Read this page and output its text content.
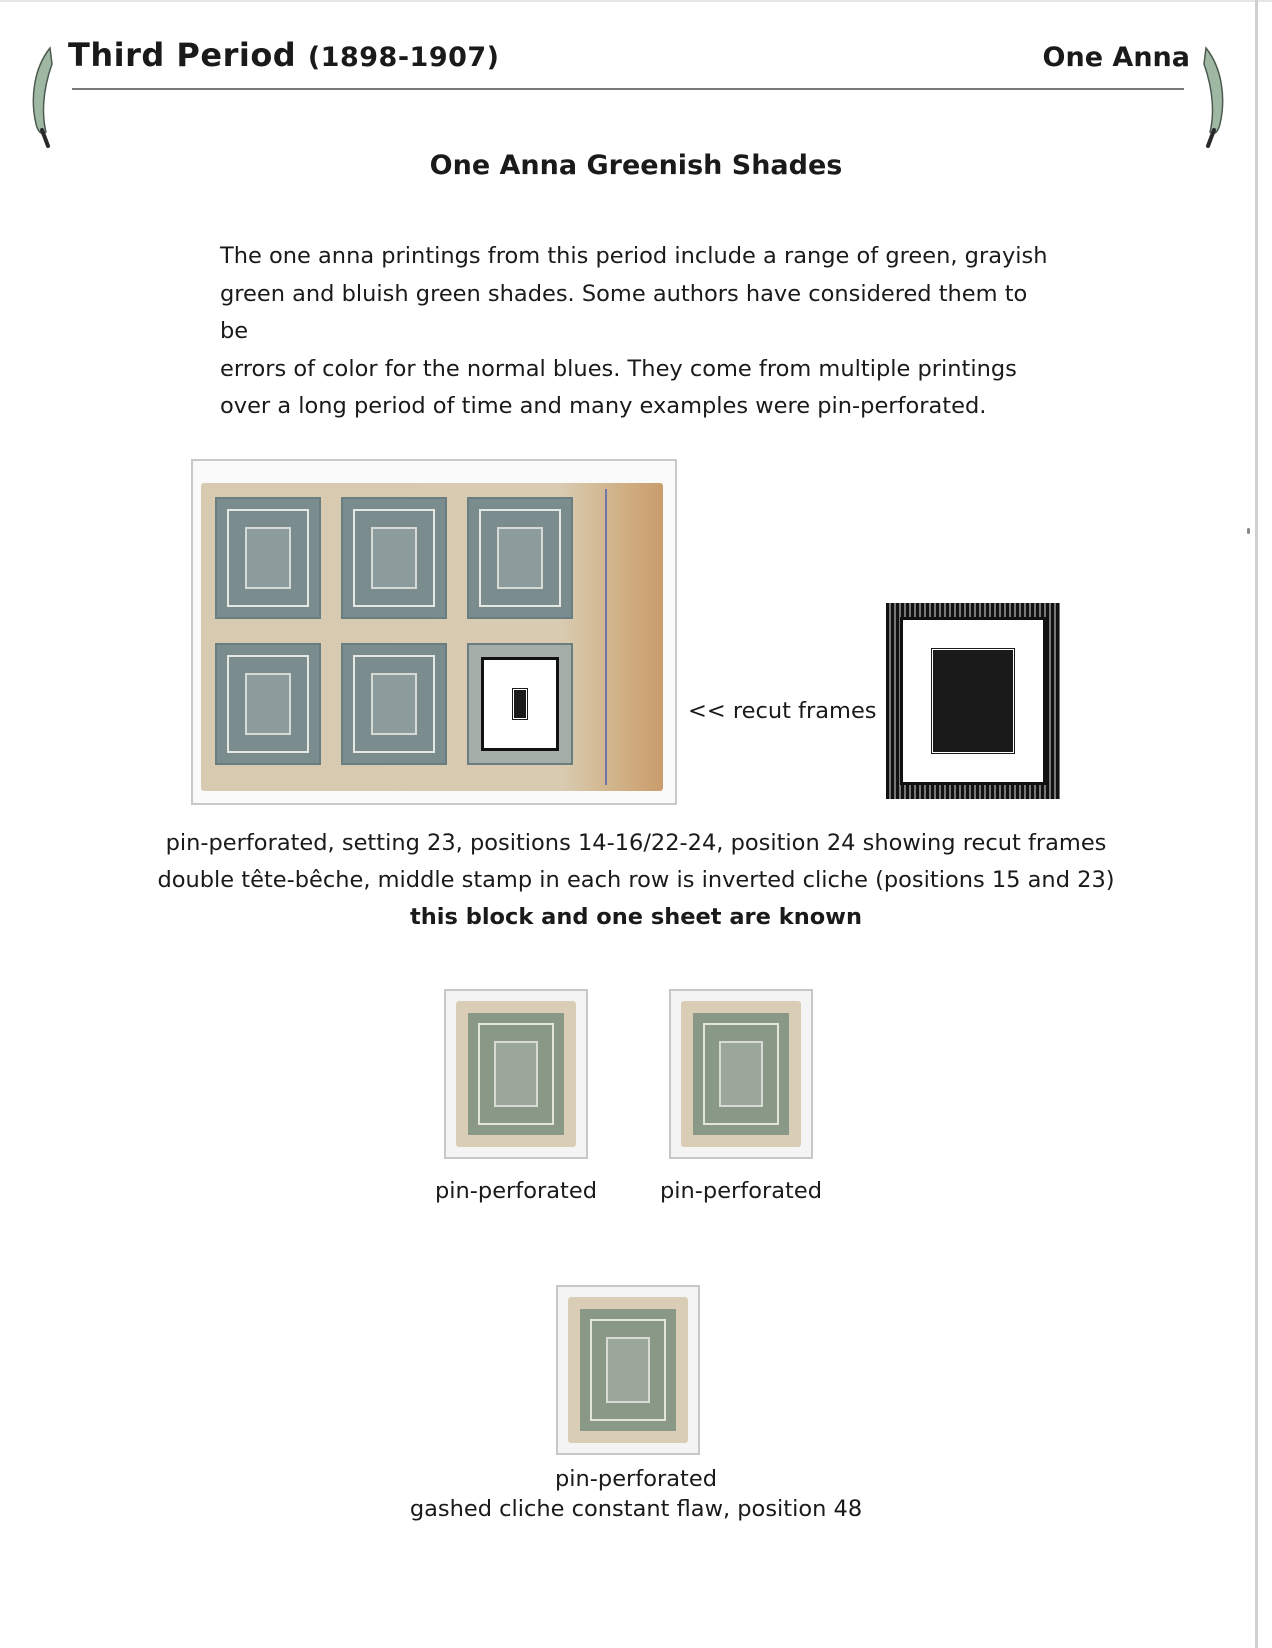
Third Period (1898-1907)	One Anna
One Anna Greenish Shades
The one anna printings from this period include a range of green, grayish
green and bluish green shades. Some authors have considered them to be
errors of color for the normal blues. They come from multiple printings
over a long period of time and many examples were pin-perforated.
<< recut frames
pin-perforated, setting 23, positions 14-16/22-24, position 24 showing recut frames
double tête-bêche, middle stamp in each row is inverted cliche (positions 15 and 23)
this block and one sheet are known
pin-perforated	pin-perforated
pin-perforated
gashed cliche constant flaw, position 48
